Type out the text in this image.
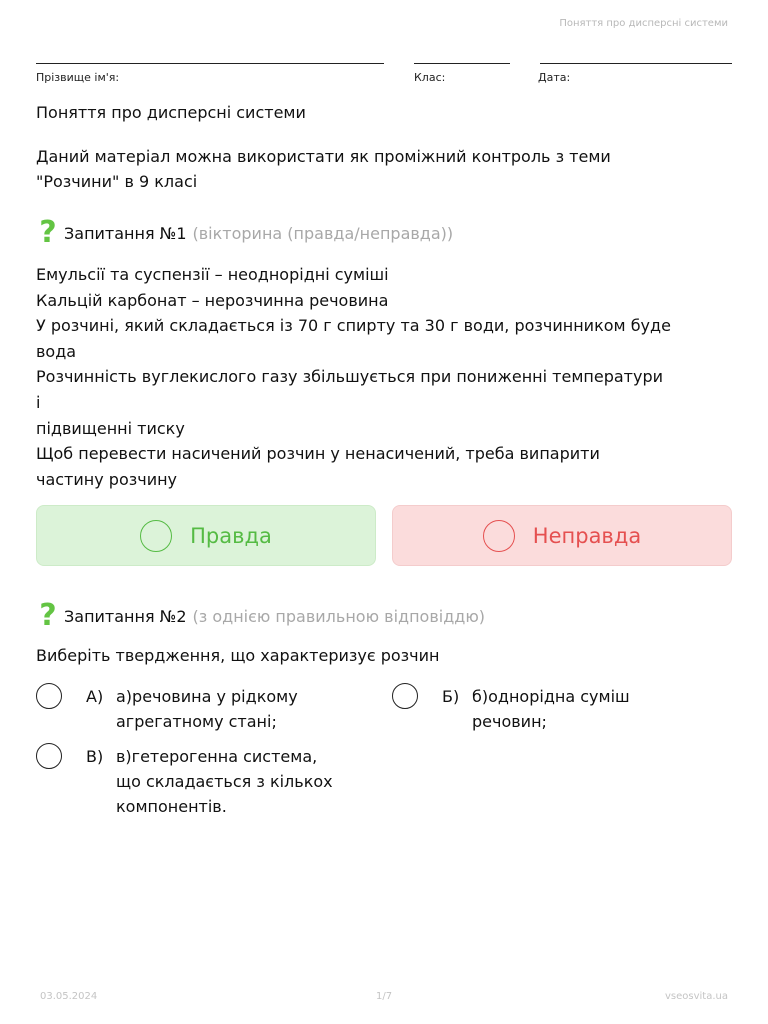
Поняття про дисперсні системи
Прізвище ім'я:	Клас:	Дата:
Поняття про дисперсні системи
Даний матеріал можна використати як проміжний контроль з теми
"Розчини" в 9 класі
? Запитання №1 (вікторина (правда/неправда))
Емульсії та суспензії – неоднорідні суміші
Кальцій карбонат – нерозчинна речовина
У розчині, який складається із 70 г спирту та 30 г води, розчинником буде
вода
Розчинність вуглекислого газу збільшується при пониженні температури
і
підвищенні тиску
Щоб перевести насичений розчин у ненасичений, треба випарити
частину розчину
Правда	Неправда
? Запитання №2 (з однією правильною відповіддю)
Виберіть твердження, що характеризує розчин
A) а)речовина у рідкому
агрегатному стані;
Б) б)однорідна суміш
речовин;
B) в)гетерогенна система,
що складається з кількох
компонентів.
03.05.2024	1/7	vseosvita.ua
